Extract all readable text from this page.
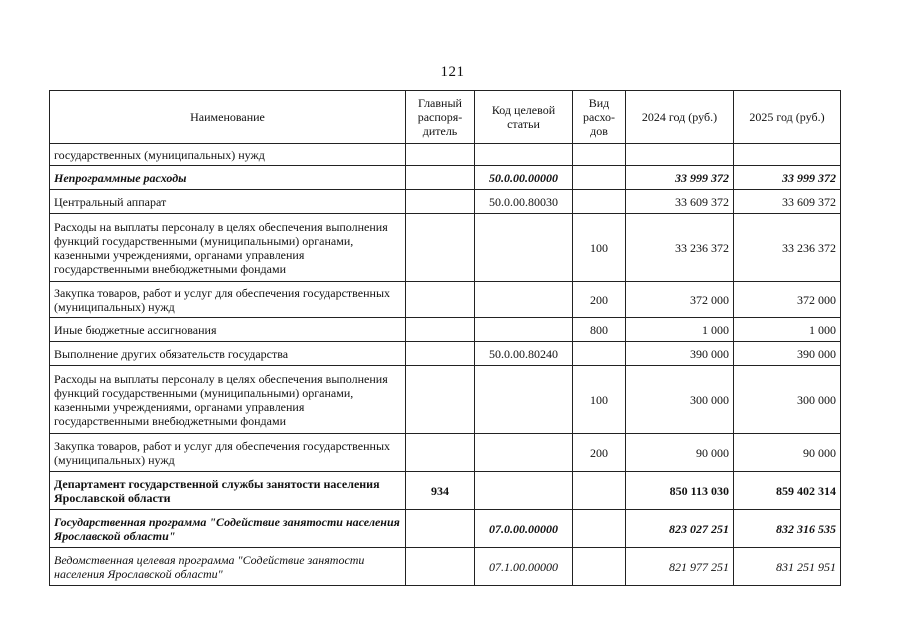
121
Наименование	Главный распоря-дитель	Код целевой статьи	Вид расхо-дов	2024 год (руб.)	2025 год (руб.)
государственных (муниципальных) нужд					
Непрограммные расходы		50.0.00.00000		33 999 372	33 999 372
Центральный аппарат		50.0.00.80030		33 609 372	33 609 372
Расходы на выплаты персоналу в целях обеспечения выполнения функций государственными (муниципальными) органами, казенными учреждениями, органами управления государственными внебюджетными фондами			100	33 236 372	33 236 372
Закупка товаров, работ и услуг для обеспечения государственных (муниципальных) нужд			200	372 000	372 000
Иные бюджетные ассигнования			800	1 000	1 000
Выполнение других обязательств государства		50.0.00.80240		390 000	390 000
Расходы на выплаты персоналу в целях обеспечения выполнения функций государственными (муниципальными) органами, казенными учреждениями, органами управления государственными внебюджетными фондами			100	300 000	300 000
Закупка товаров, работ и услуг для обеспечения государственных (муниципальных) нужд			200	90 000	90 000
Департамент государственной службы занятости населения Ярославской области	934			850 113 030	859 402 314
Государственная программа "Содействие занятости населения Ярославской области"		07.0.00.00000		823 027 251	832 316 535
Ведомственная целевая программа "Содействие занятости населения Ярославской области"		07.1.00.00000		821 977 251	831 251 951
